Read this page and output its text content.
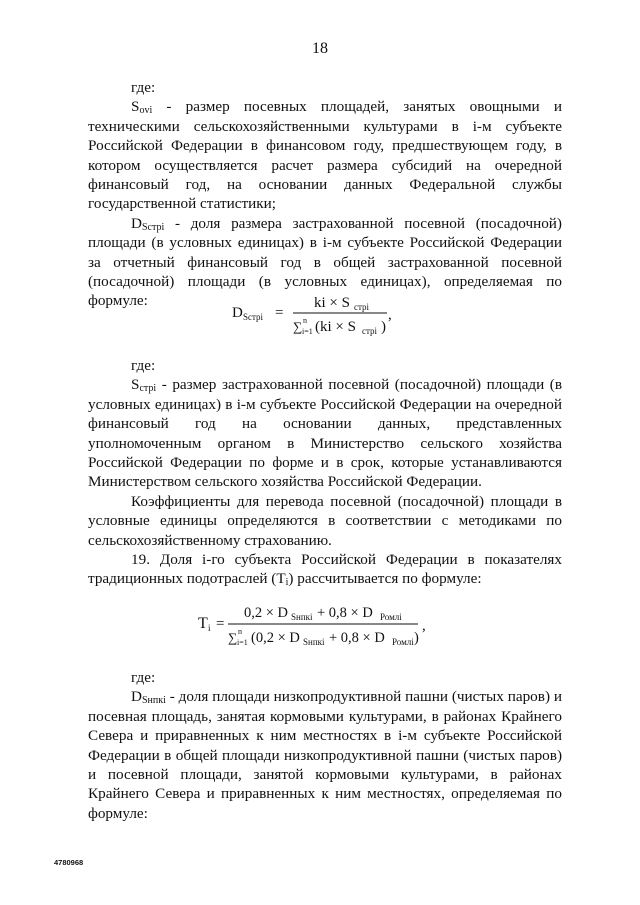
18

где:

$S_{ovi}$ - размер посевных площадей, занятых овощными и техническими сельскохозяйственными культурами в i-м субъекте Российской Федерации в финансовом году, предшествующем году, в котором осуществляется расчет размера субсидий на очередной финансовый год, на основании данных Федеральной службы государственной статистики;

$D_{Sстрi}$ - доля размера застрахованной посевной (посадочной) площади (в условных единицах) в i-м субъекте Российской Федерации за отчетный финансовый год в общей застрахованной посевной (посадочной) площади (в условных единицах), определяемая по формуле:

D Sстрi =
ki × S стрi
∑ n
i=1 (ki × S стрi )
,

где:

$S_{стрi}$ - размер застрахованной посевной (посадочной) площади (в условных единицах) в i-м субъекте Российской Федерации на очередной финансовый год на основании данных, представленных уполномоченным органом в Министерство сельского хозяйства Российской Федерации по форме и в срок, которые устанавливаются Министерством сельского хозяйства Российской Федерации.

Коэффициенты для перевода посевной (посадочной) площади в условные единицы определяются в соответствии с методиками по сельскохозяйственному страхованию.

19. Доля i-го субъекта Российской Федерации в показателях традиционных подотраслей $(T_i)$ рассчитывается по формуле:

T i =
0,2 × D Sнпкi + 0,8 × D Ромлi
∑ n
i=1 (0,2 × D Sнпкi + 0,8 × D Ромлi )
,

где:

$D_{Sнпкi}$ - доля площади низкопродуктивной пашни (чистых паров) и посевная площадь, занятая кормовыми культурами, в районах Крайнего Севера и приравненных к ним местностях в i-м субъекте Российской Федерации в общей площади низкопродуктивной пашни (чистых паров) и посевной площади, занятой кормовыми культурами, в районах Крайнего Севера и приравненных к ним местностях, определяемая по формуле:

4780968
